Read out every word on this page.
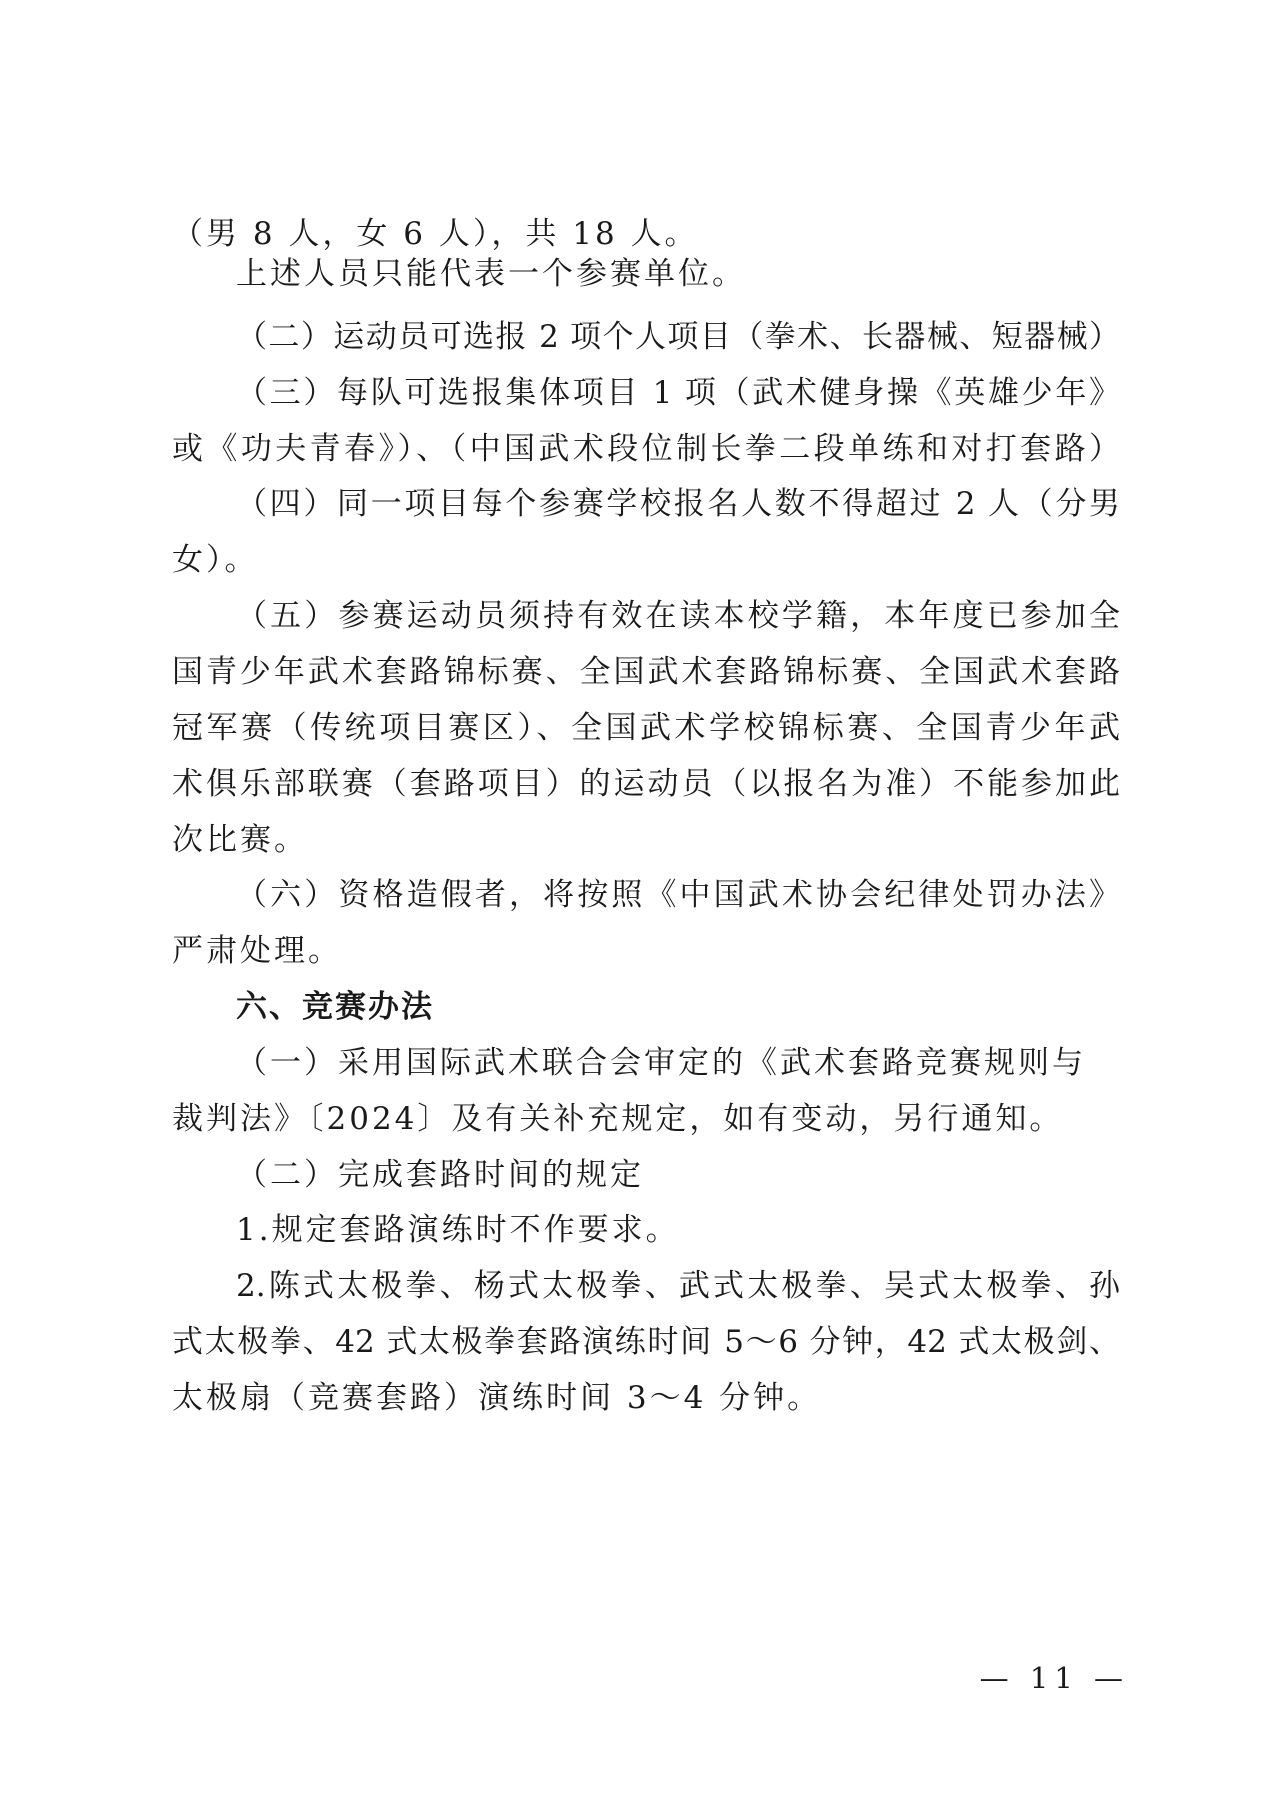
（男 8 人，女 6 人），共 18 人。
上述人员只能代表一个参赛单位。
（二）运动员可选报 2 项个人项目（拳术、长器械、短器械）
（三）每队可选报集体项目 1 项（武术健身操《英雄少年》
或《功夫青春》）、（中国武术段位制长拳二段单练和对打套路）
（四）同一项目每个参赛学校报名人数不得超过 2 人（分男
女）。
（五）参赛运动员须持有效在读本校学籍，本年度已参加全
国青少年武术套路锦标赛、全国武术套路锦标赛、全国武术套路
冠军赛（传统项目赛区）、全国武术学校锦标赛、全国青少年武
术俱乐部联赛（套路项目）的运动员（以报名为准）不能参加此
次比赛。
（六）资格造假者，将按照《中国武术协会纪律处罚办法》
严肃处理。
六、竞赛办法
（一）采用国际武术联合会审定的《武术套路竞赛规则与
裁判法》〔2024〕及有关补充规定，如有变动，另行通知。
（二）完成套路时间的规定
1.规定套路演练时不作要求。
2.陈式太极拳、杨式太极拳、武式太极拳、吴式太极拳、孙
式太极拳、42 式太极拳套路演练时间 5～6 分钟，42 式太极剑、
太极扇（竞赛套路）演练时间 3～4 分钟。
— 11 —
